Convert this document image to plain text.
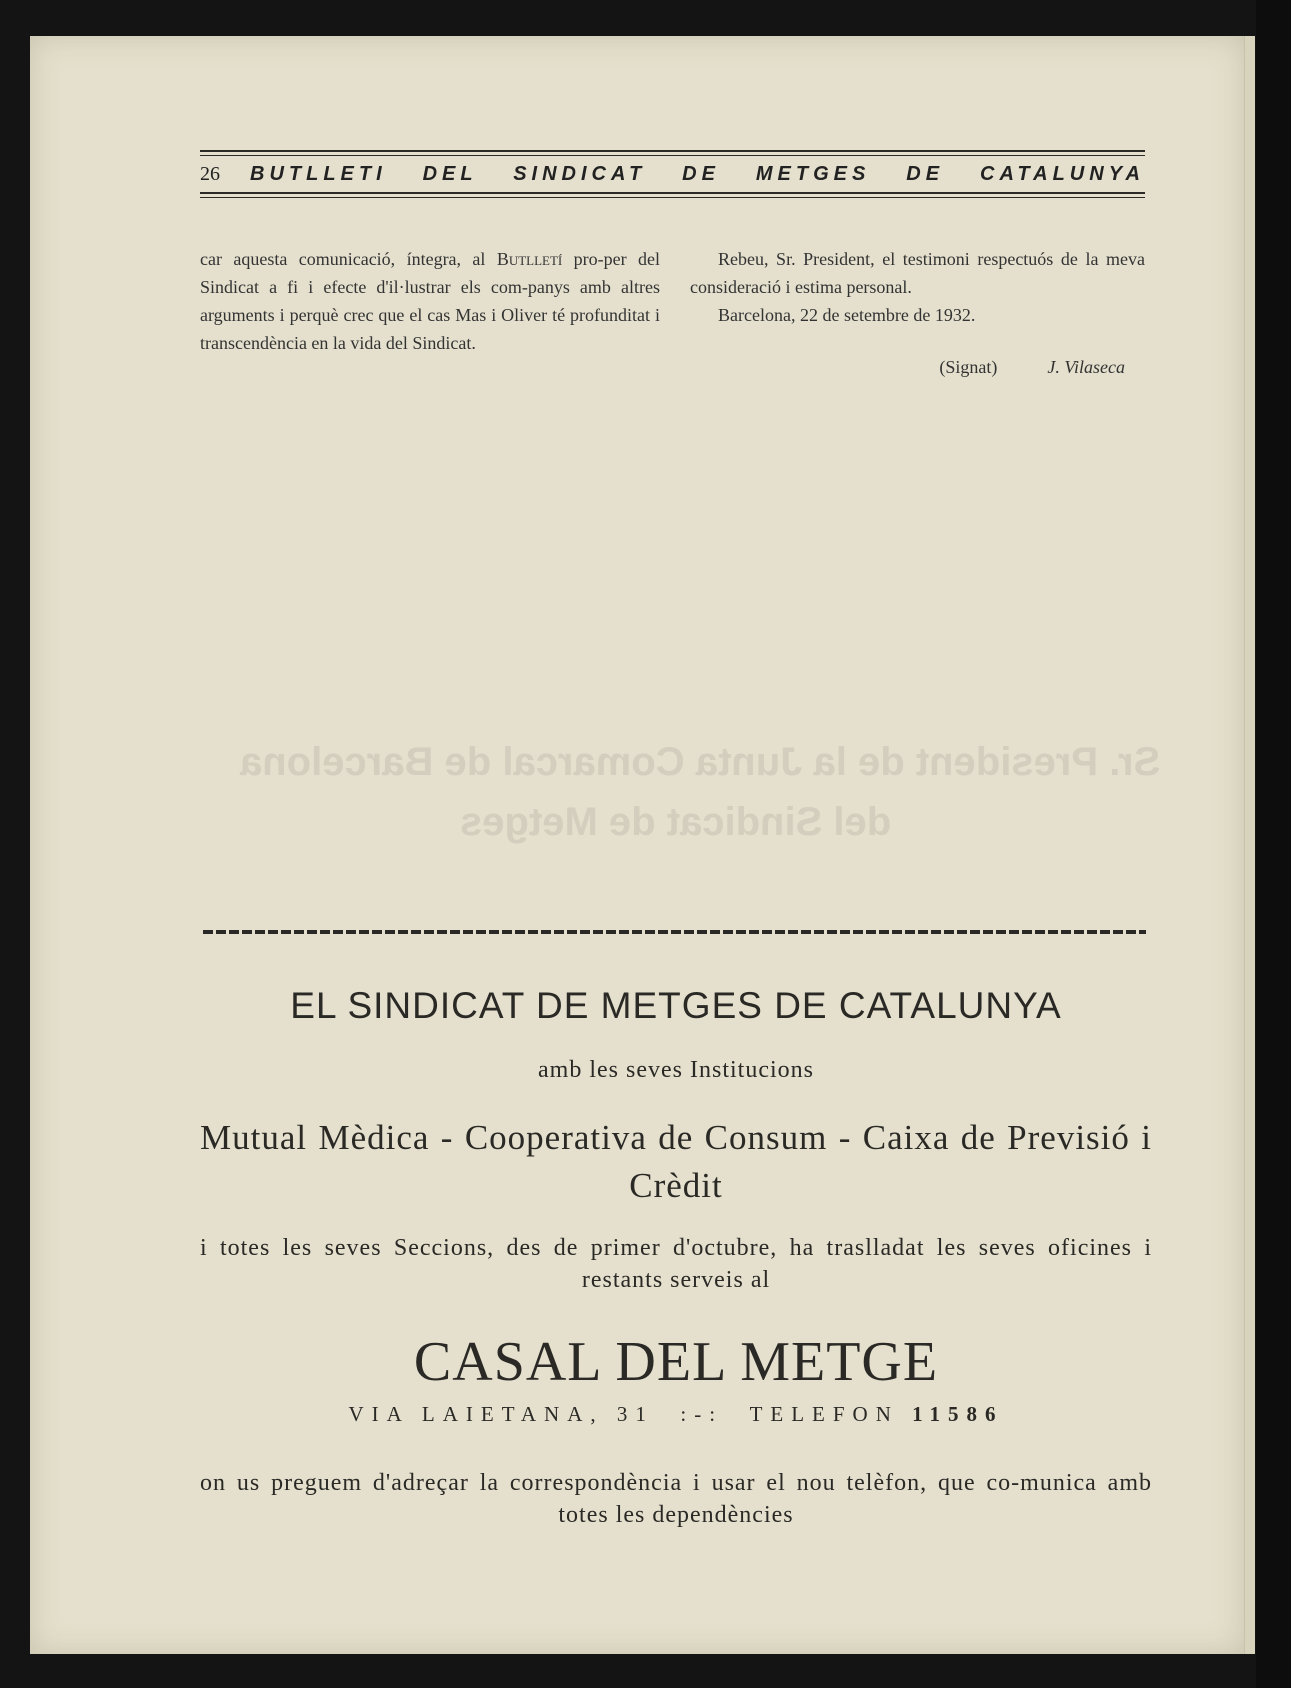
Sr. President de la Junta Comarcal de Barcelona
del Sindicat de Metges
26 BUTLLETI DEL SINDICAT DE METGES DE CATALUNYA

car aquesta comunicació, íntegra, al Butlletí pro-per del Sindicat a fi i efecte d'il·lustrar els com-panys amb altres arguments i perquè crec que el cas Mas i Oliver té profunditat i transcendència en la vida del Sindicat.

Rebeu, Sr. President, el testimoni respectuós de la meva consideració i estima personal.

Barcelona, 22 de setembre de 1932.

(Signat)	J. Vilaseca
EL SINDICAT DE METGES DE CATALUNYA

amb les seves Institucions

Mutual Mèdica - Cooperativa de Consum - Caixa de Previsió i Crèdit

i totes les seves Seccions, des de primer d'octubre, ha traslladat les seves oficines i restants serveis al

CASAL DEL METGE

VIA LAIETANA, 31 :-: TELEFON 11586

on us preguem d'adreçar la correspondència i usar el nou telèfon, que co-munica amb totes les dependències
